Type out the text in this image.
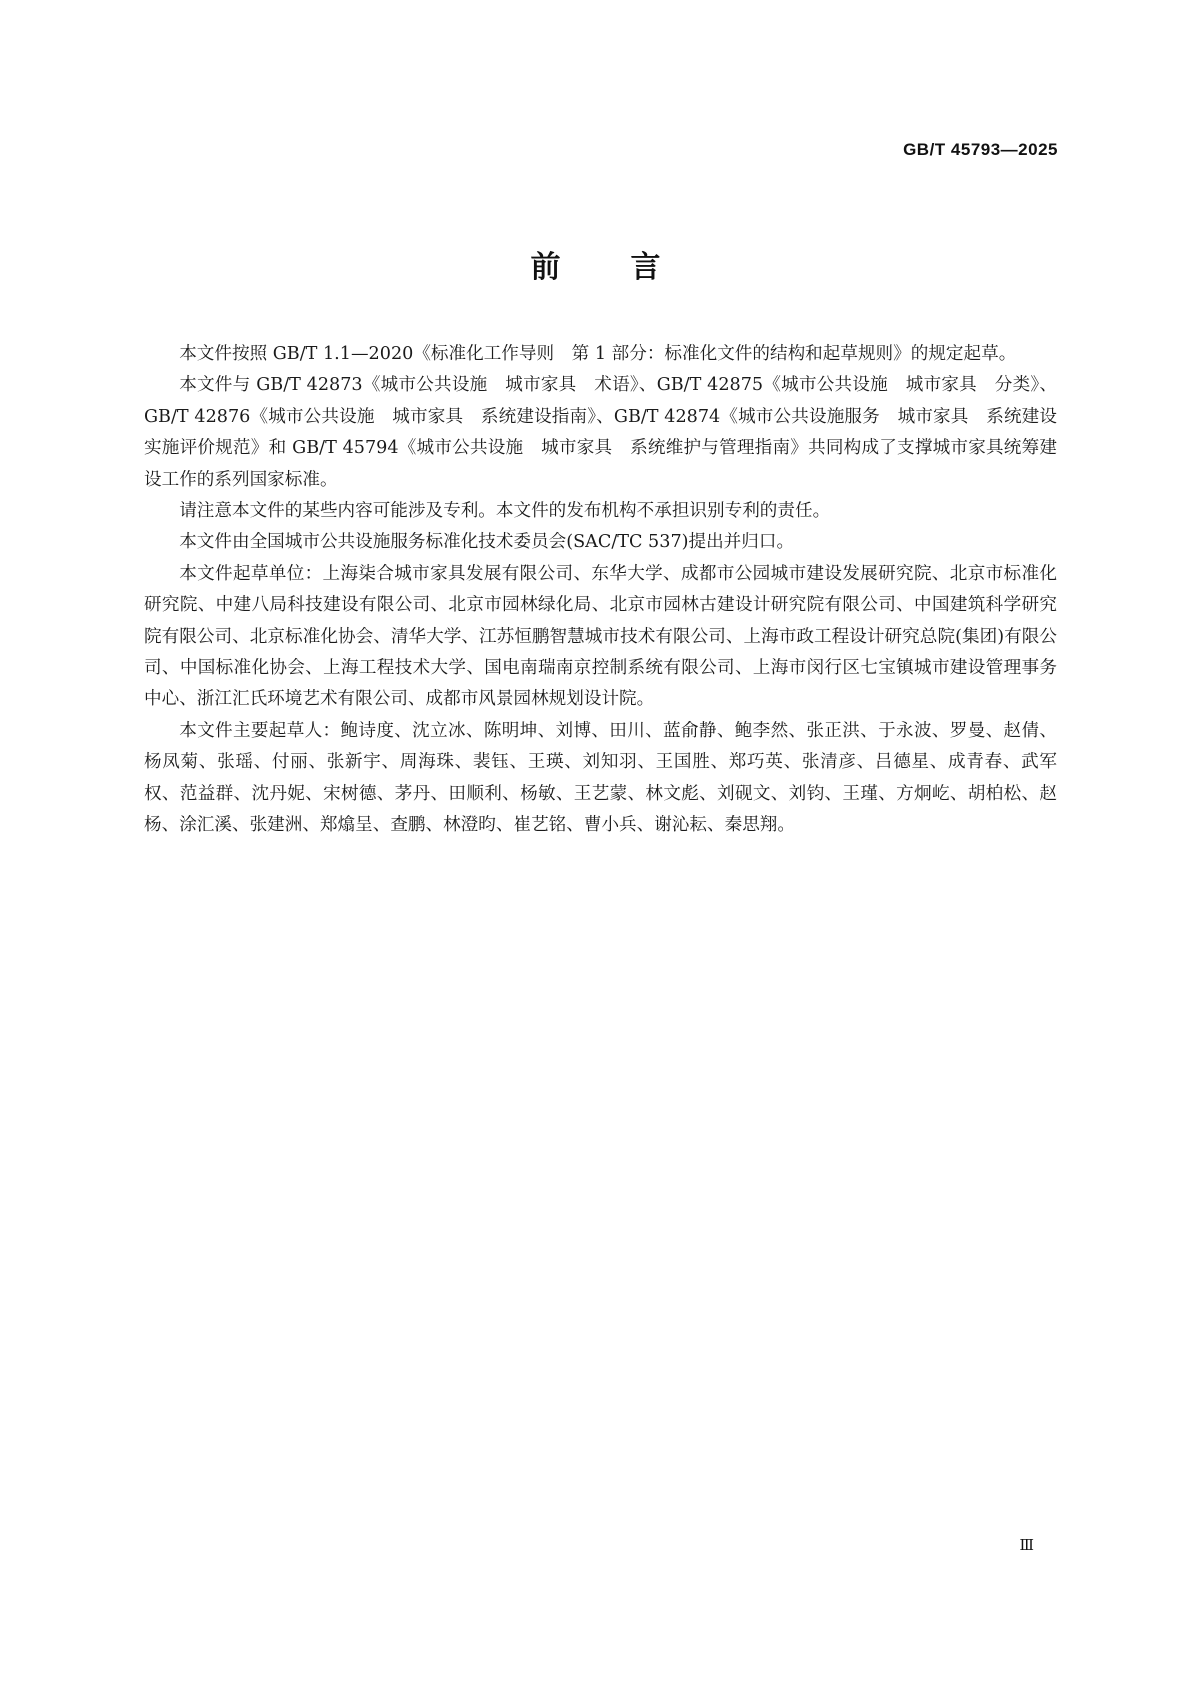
GB/T 45793—2025
前 言

本文件按照 GB/T 1.1—2020《标准化工作导则　第 1 部分：标准化文件的结构和起草规则》的规定起草。

本文件与 GB/T 42873《城市公共设施　城市家具　术语》、GB/T 42875《城市公共设施　城市家具　分类》、GB/T 42876《城市公共设施　城市家具　系统建设指南》、GB/T 42874《城市公共设施服务　城市家具　系统建设实施评价规范》和 GB/T 45794《城市公共设施　城市家具　系统维护与管理指南》共同构成了支撑城市家具统筹建设工作的系列国家标准。

请注意本文件的某些内容可能涉及专利。本文件的发布机构不承担识别专利的责任。

本文件由全国城市公共设施服务标准化技术委员会(SAC/TC 537)提出并归口。

本文件起草单位：上海柒合城市家具发展有限公司、东华大学、成都市公园城市建设发展研究院、北京市标准化研究院、中建八局科技建设有限公司、北京市园林绿化局、北京市园林古建设计研究院有限公司、中国建筑科学研究院有限公司、北京标准化协会、清华大学、江苏恒鹏智慧城市技术有限公司、上海市政工程设计研究总院(集团)有限公司、中国标准化协会、上海工程技术大学、国电南瑞南京控制系统有限公司、上海市闵行区七宝镇城市建设管理事务中心、浙江汇氏环境艺术有限公司、成都市风景园林规划设计院。

本文件主要起草人：鲍诗度、沈立冰、陈明坤、刘博、田川、蓝俞静、鲍李然、张正洪、于永波、罗曼、赵倩、杨凤菊、张瑶、付丽、张新宇、周海珠、裴钰、王瑛、刘知羽、王国胜、郑巧英、张清彦、吕德星、成青春、武军权、范益群、沈丹妮、宋树德、茅丹、田顺利、杨敏、王艺蒙、林文彪、刘砚文、刘钧、王瑾、方炯屹、胡柏松、赵杨、涂汇溪、张建洲、郑熻呈、查鹏、林澄昀、崔艺铭、曹小兵、谢沁耘、秦思翔。

Ⅲ
